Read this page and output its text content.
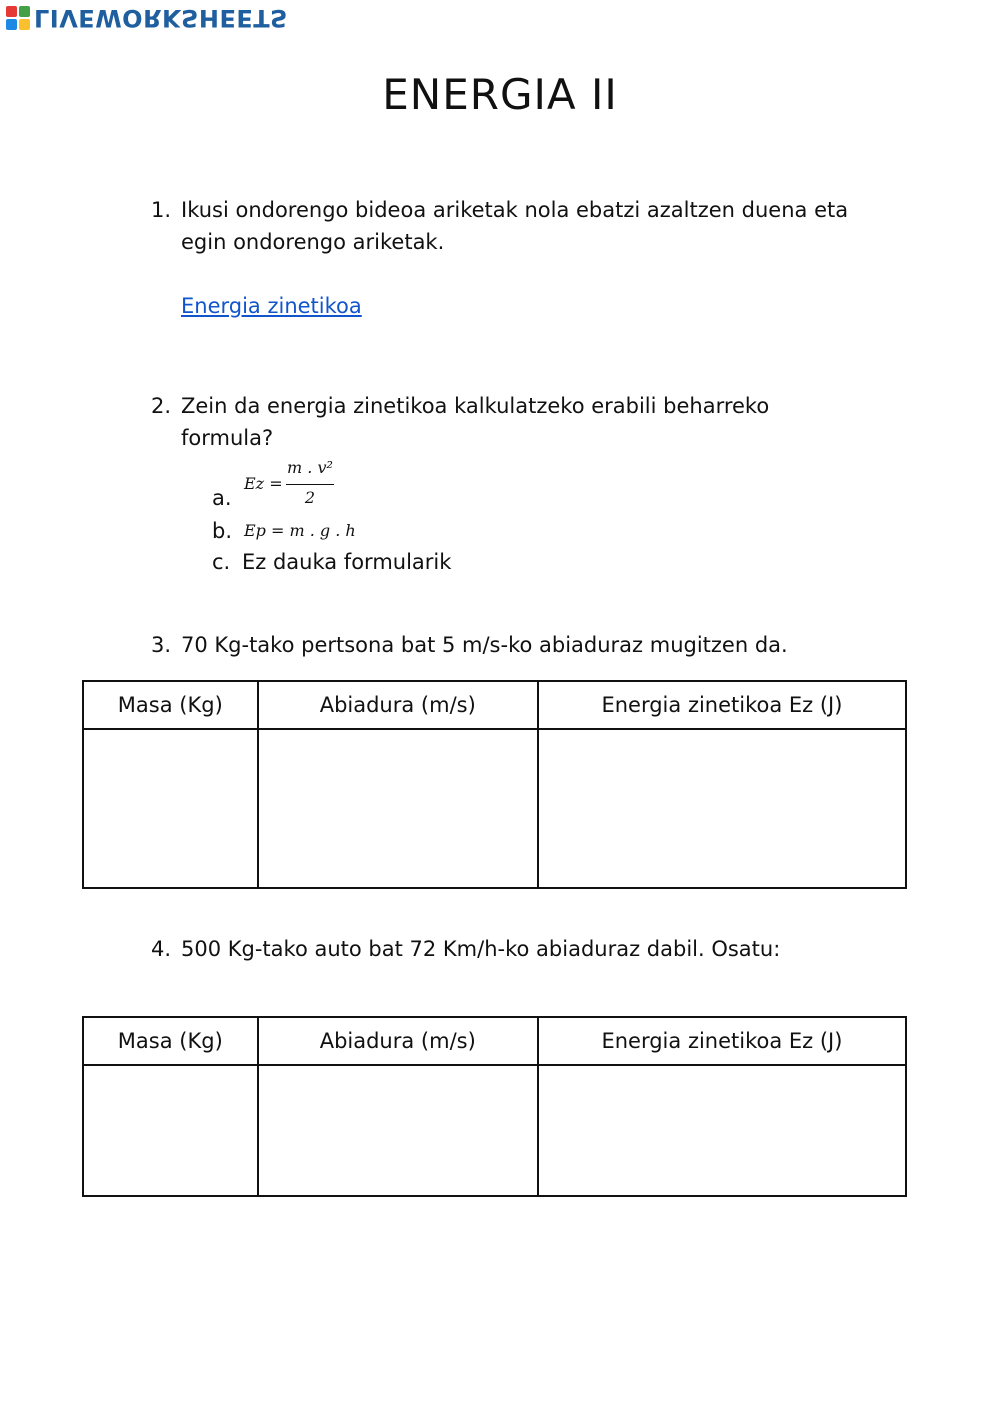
LIVEWORKSHEETS
ENERGIA II
1. Ikusi ondorengo bideoa ariketak nola ebatzi azaltzen duena eta
egin ondorengo ariketak.
Energia zinetikoa
2. Zein da energia zinetikoa kalkulatzeko erabili beharreko
formula?
a.
Ez =
m . v²
2
b. Ep = m . g . h
c. Ez dauka formularik
3. 70 Kg-tako pertsona bat 5 m/s-ko abiaduraz mugitzen da.
Masa (Kg)	Abiadura (m/s)	Energia zinetikoa Ez (J)

4. 500 Kg-tako auto bat 72 Km/h-ko abiaduraz dabil. Osatu:
Masa (Kg)	Abiadura (m/s)	Energia zinetikoa Ez (J)
